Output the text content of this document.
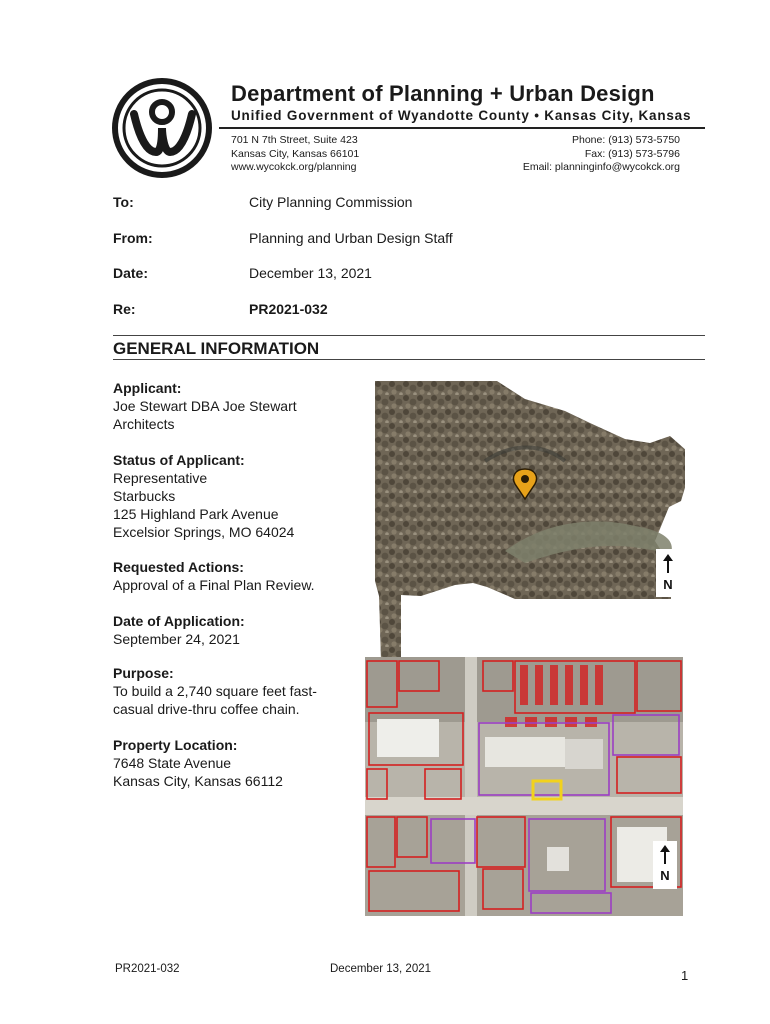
Department of Planning + Urban Design
Unified Government of Wyandotte County • Kansas City, Kansas
701 N 7th Street, Suite 423
Kansas City, Kansas 66101
www.wycokck.org/planning
Phone: (913) 573-5750
Fax: (913) 573-5796
Email: planninginfo@wycokck.org
To:	City Planning Commission
From:	Planning and Urban Design Staff
Date:	December 13, 2021
Re:	PR2021-032
GENERAL INFORMATION
Applicant:
Joe Stewart DBA Joe Stewart
Architects
Status of Applicant:
Representative
Starbucks
125 Highland Park Avenue
Excelsior Springs, MO 64024
Requested Actions:
Approval of a Final Plan Review.
Date of Application:
September 24, 2021
Purpose:
To build a 2,740 square feet fast-
casual drive-thru coffee chain.
Property Location:
7648 State Avenue
Kansas City, Kansas 66112
N
N
PR2021-032	December 13, 2021	1
